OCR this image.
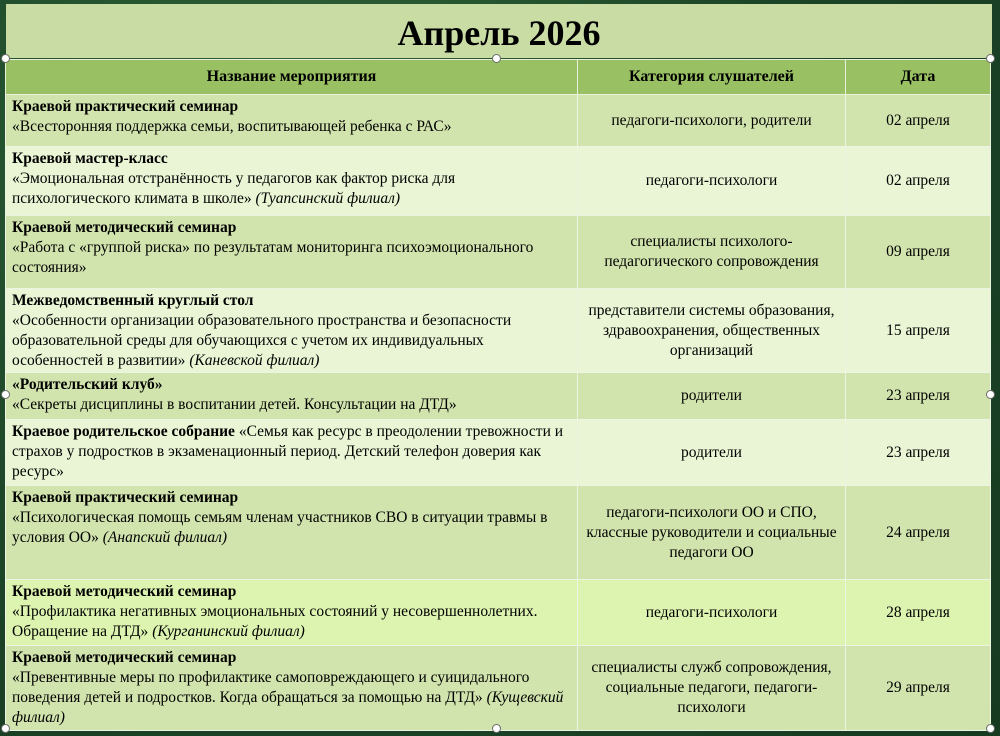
Апрель 2026
Название мероприятия	Категория слушателей	Дата
Краевой практический семинар
«Всесторонняя поддержка семьи, воспитывающей ребенка с РАС»	педагоги-психологи, родители	02 апреля
Краевой мастер-класс
«Эмоциональная отстранённость у педагогов как фактор риска для психологического климата в школе» (Туапсинский филиал)	педагоги-психологи	02 апреля
Краевой методический семинар
«Работа с «группой риска» по результатам мониторинга психоэмоционального состояния»	специалисты психолого-педагогического сопровождения	09 апреля
Межведомственный круглый стол
«Особенности организации образовательного пространства и безопасности образовательной среды для обучающихся с учетом их индивидуальных особенностей в развитии» (Каневской филиал)	представители системы образования, здравоохранения, общественных организаций	15 апреля
«Родительский клуб»
«Секреты дисциплины в воспитании детей. Консультации на ДТД»	родители	23 апреля
Краевое родительское собрание «Семья как ресурс в преодолении тревожности и страхов у подростков в экзаменационный период. Детский телефон доверия как ресурс»	родители	23 апреля
Краевой практический семинар
«Психологическая помощь семьям членам участников СВО в ситуации травмы в условия ОО» (Анапский филиал)	педагоги-психологи ОО и СПО, классные руководители и социальные педагоги ОО	24 апреля
Краевой методический семинар
«Профилактика негативных эмоциональных состояний у несовершеннолетних. Обращение на ДТД» (Курганинский филиал)	педагоги-психологи	28 апреля
Краевой методический семинар
«Превентивные меры по профилактике самоповреждающего и суицидального поведения детей и подростков. Когда обращаться за помощью на ДТД» (Кущевский филиал)	специалисты служб сопровождения, социальные педагоги, педагоги-психологи	29 апреля
